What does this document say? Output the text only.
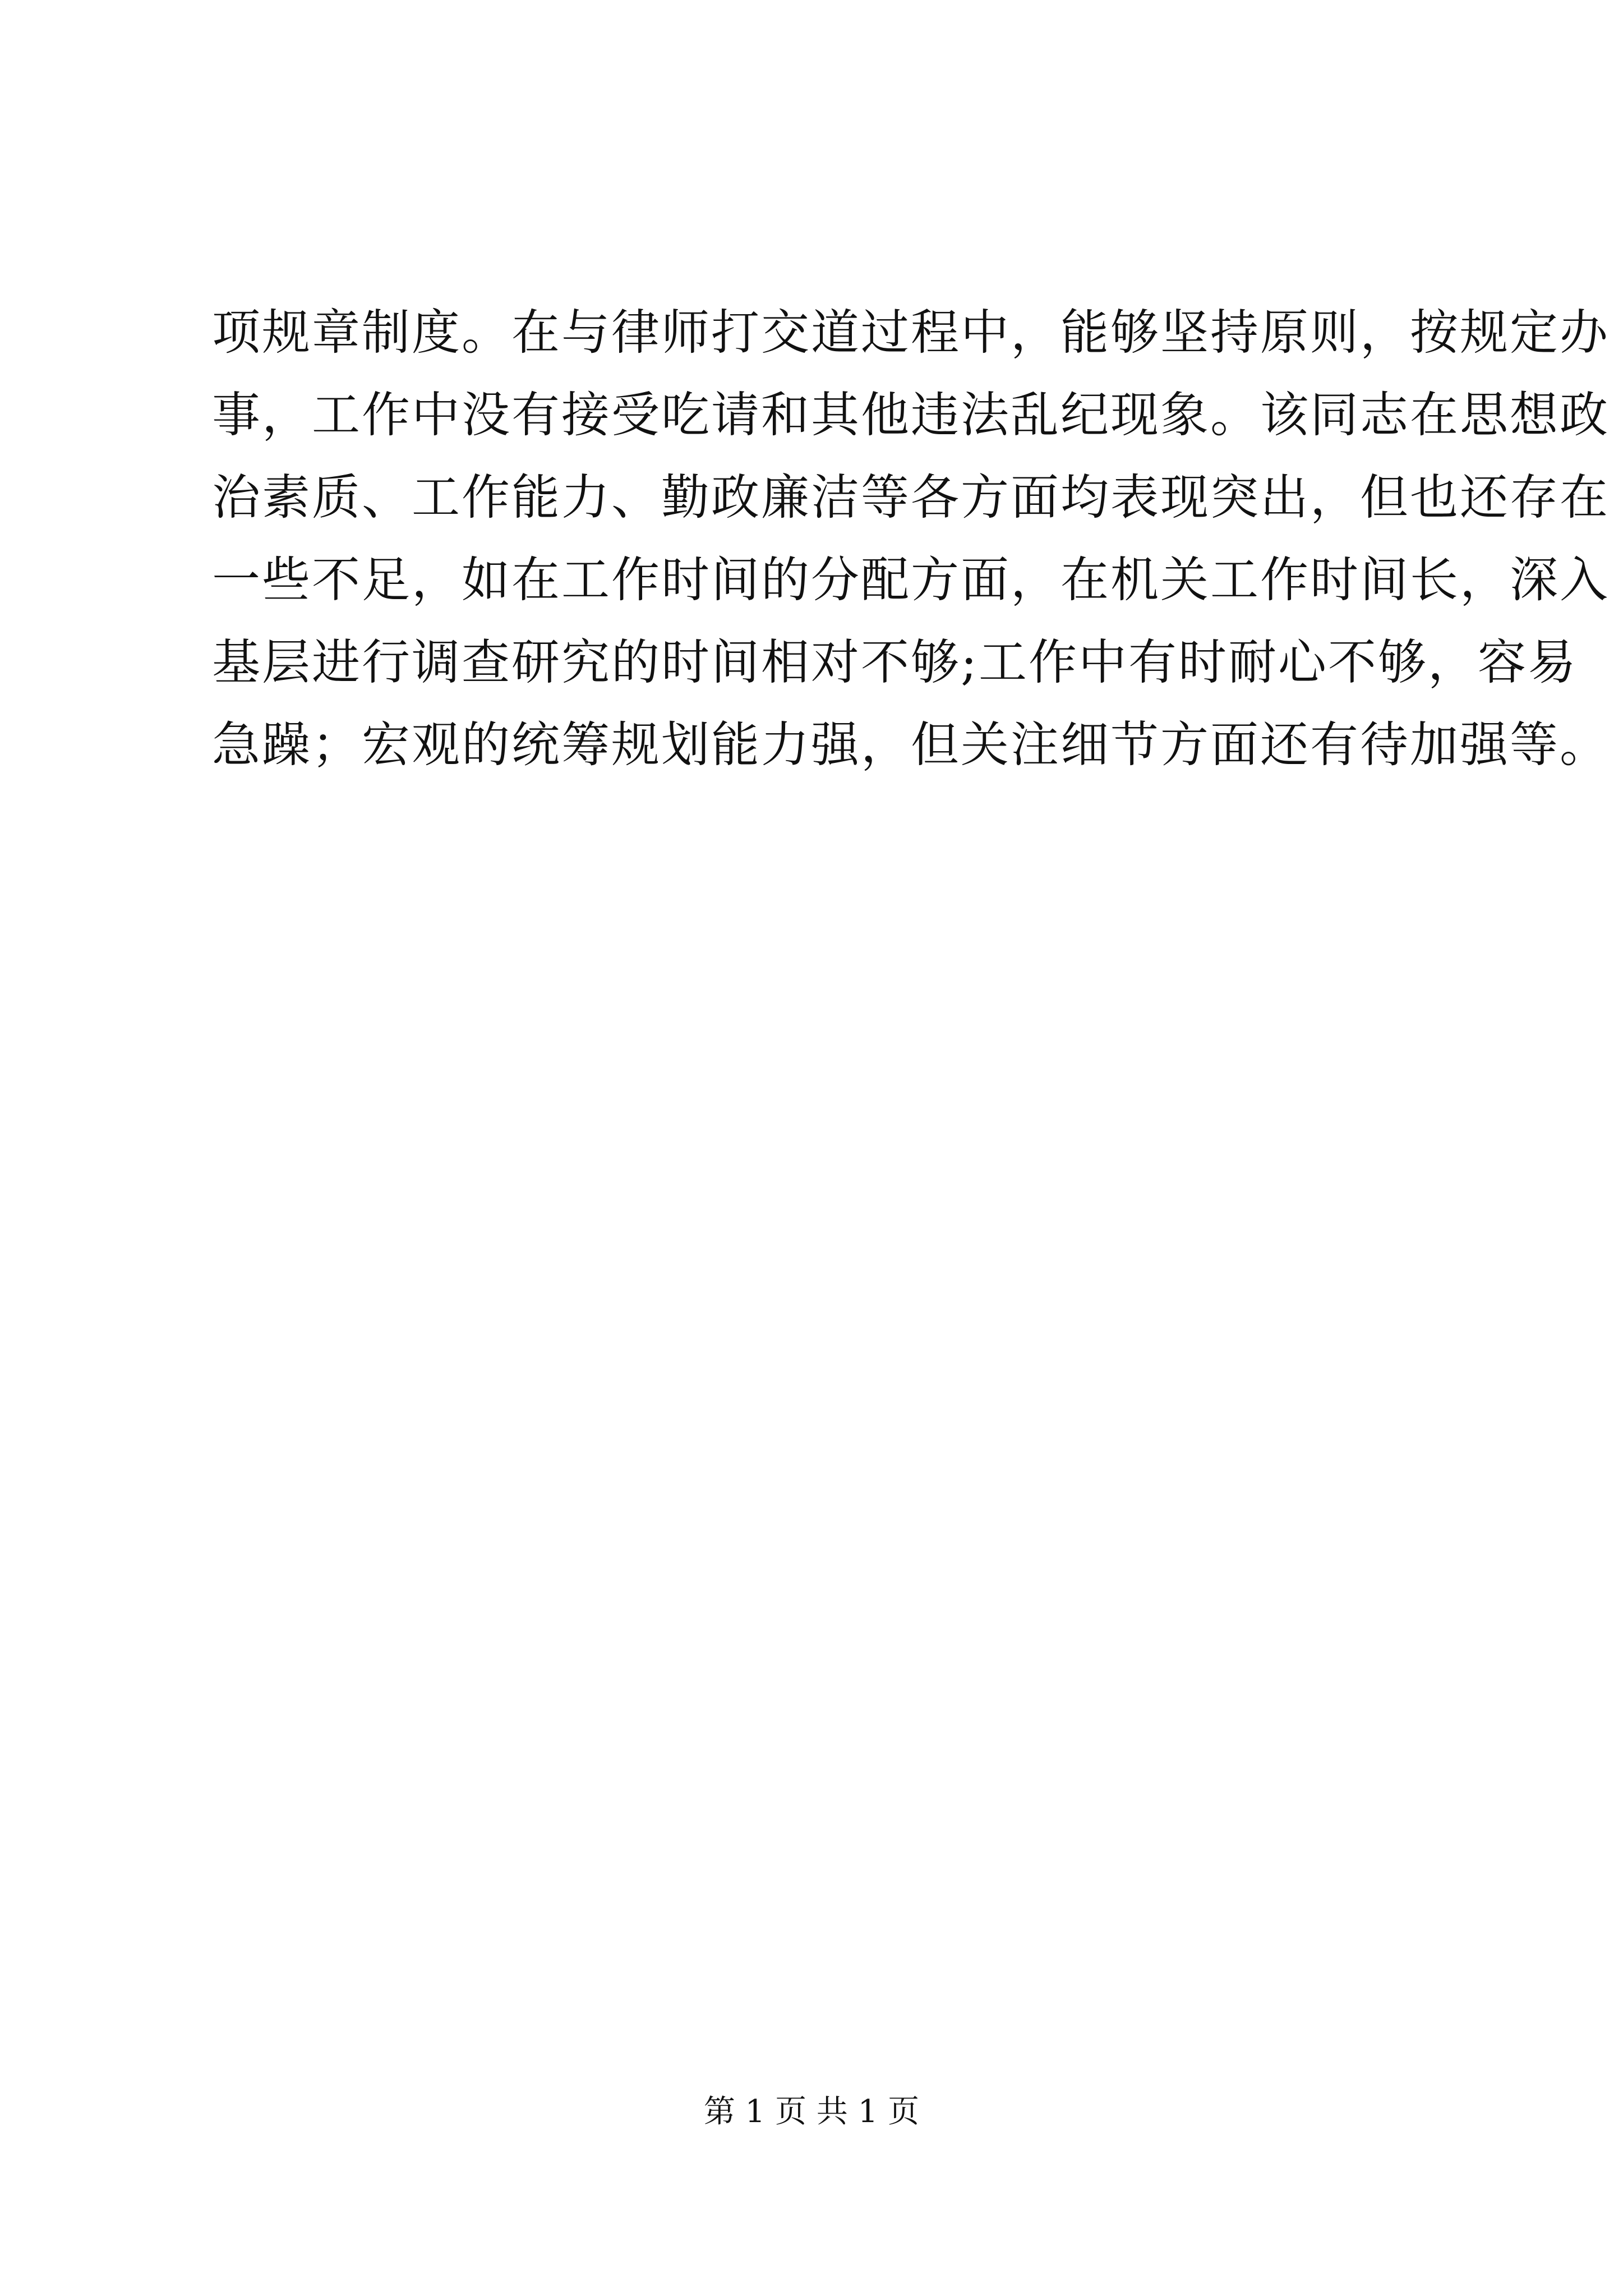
项规章制度。在与律师打交道过程中，能够坚持原则，按规定办
事，工作中没有接受吃请和其他违法乱纪现象。该同志在思想政
治素质、工作能力、勤政廉洁等各方面均表现突出，但也还存在
一些不足，如在工作时间的分配方面，在机关工作时间长，深入
基层进行调查研究的时间相对不够;工作中有时耐心不够，容易
急躁；宏观的统筹规划能力强，但关注细节方面还有待加强等。
第 1 页 共 1 页
